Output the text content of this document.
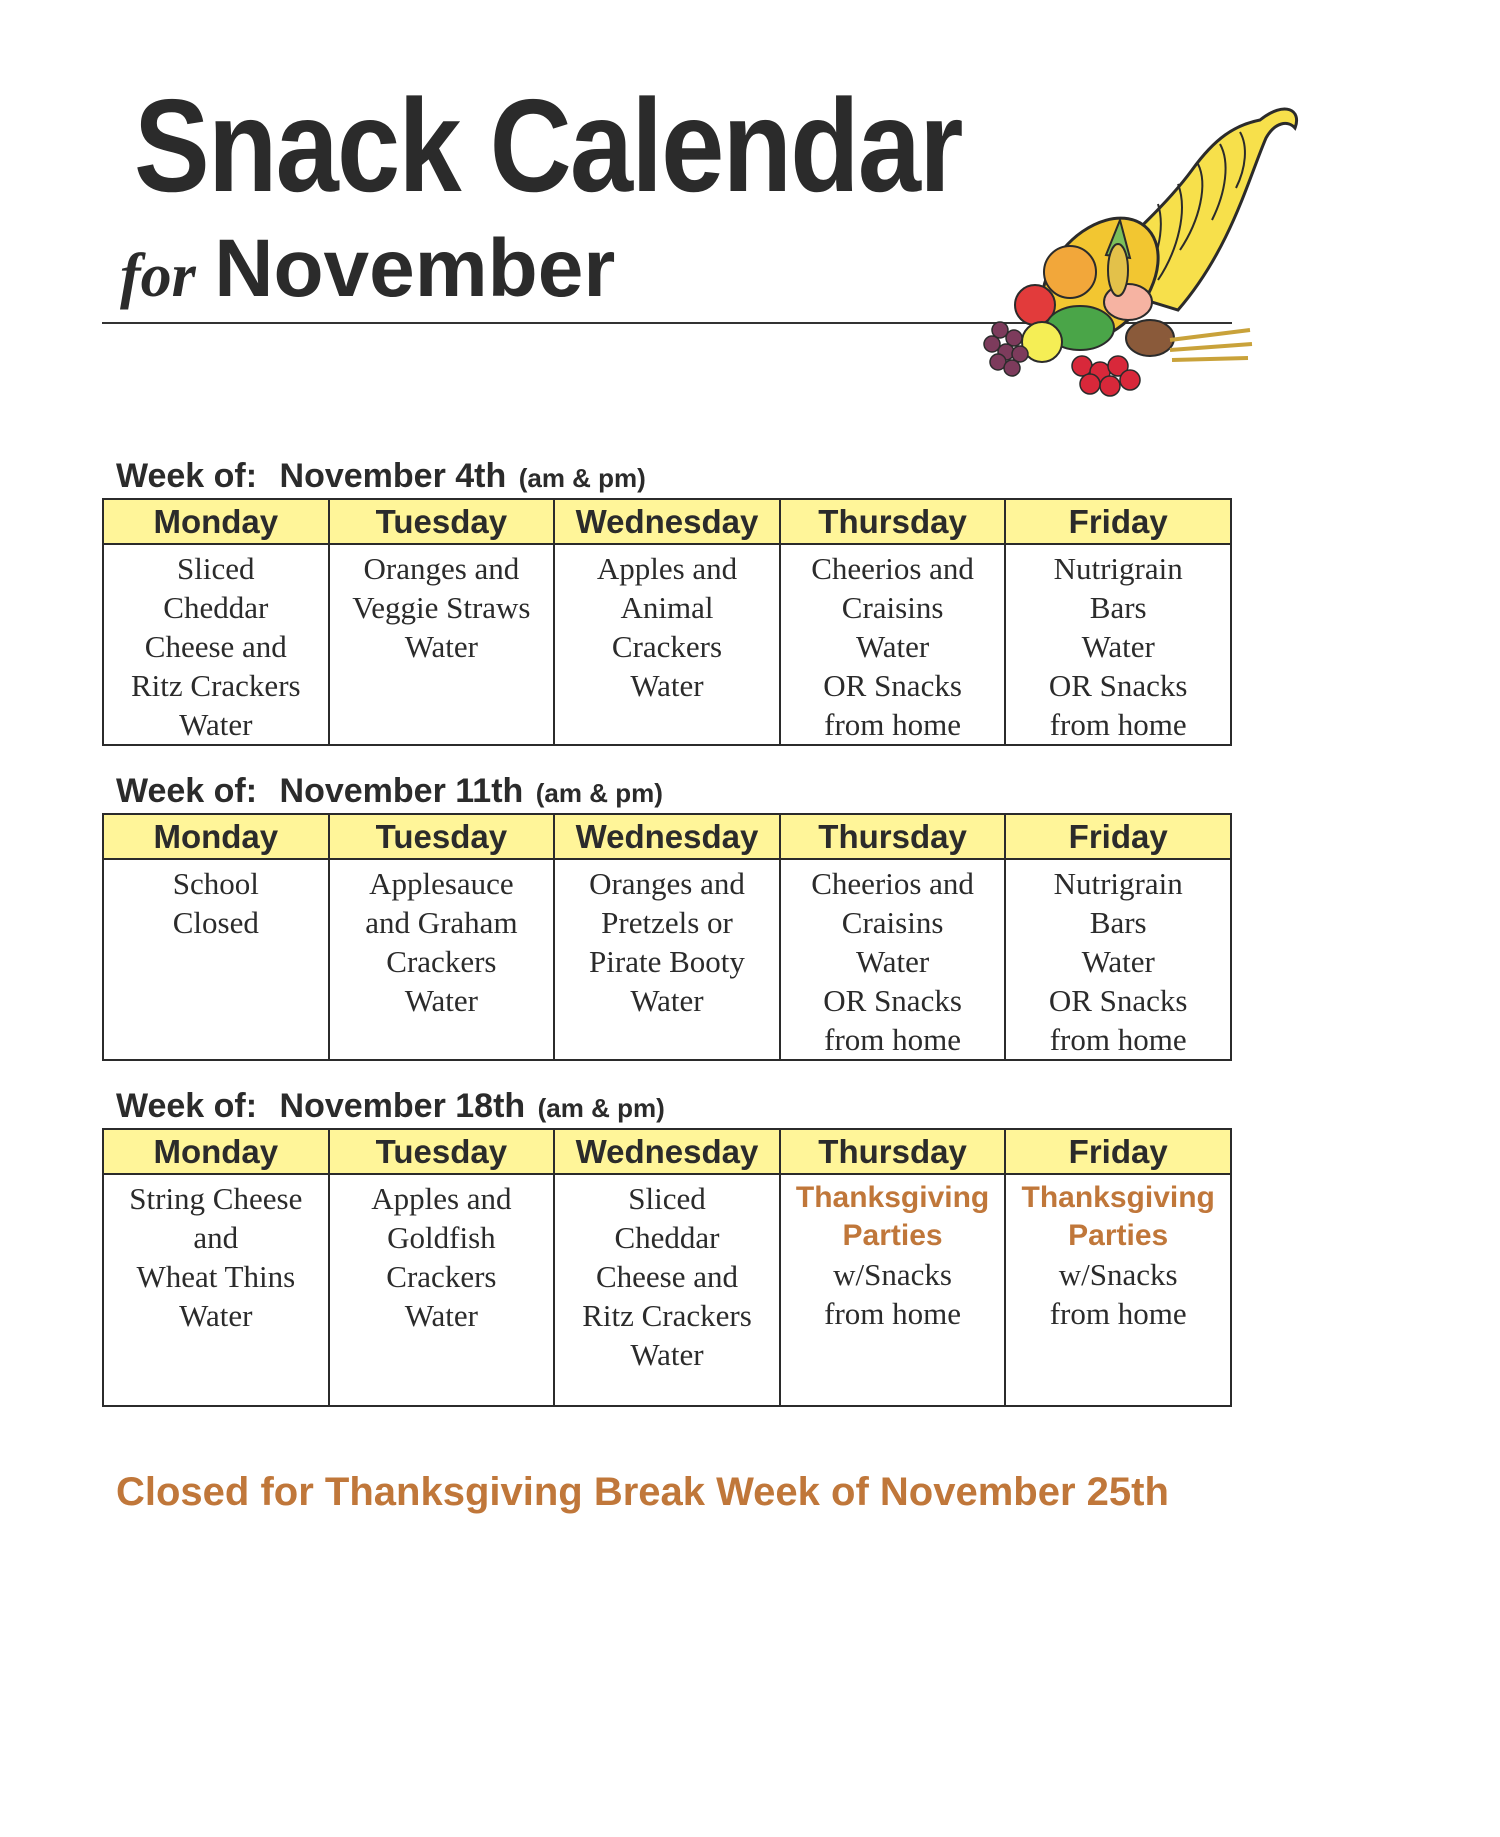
Snack Calendar
for November
Week of: November 4th (am & pm)
Monday	Tuesday	Wednesday	Thursday	Friday

Sliced
Cheddar
Cheese and
Ritz Crackers
Water	Oranges and
Veggie Straws
Water	Apples and
Animal
Crackers
Water	Cheerios and
Craisins
Water
OR Snacks
from home	Nutrigrain
Bars
Water
OR Snacks
from home
Week of: November 11th (am & pm)
Monday	Tuesday	Wednesday	Thursday	Friday

School
Closed	Applesauce
and Graham
Crackers
Water	Oranges and
Pretzels or
Pirate Booty
Water	Cheerios and
Craisins
Water
OR Snacks
from home	Nutrigrain
Bars
Water
OR Snacks
from home
Week of: November 18th (am & pm)
Monday	Tuesday	Wednesday	Thursday	Friday

String Cheese
and
Wheat Thins
Water	Apples and
Goldfish
Crackers
Water	Sliced
Cheddar
Cheese and
Ritz Crackers
Water	Thanksgiving
Parties
w/Snacks
from home	Thanksgiving
Parties
w/Snacks
from home
Closed for Thanksgiving Break Week of November 25th
